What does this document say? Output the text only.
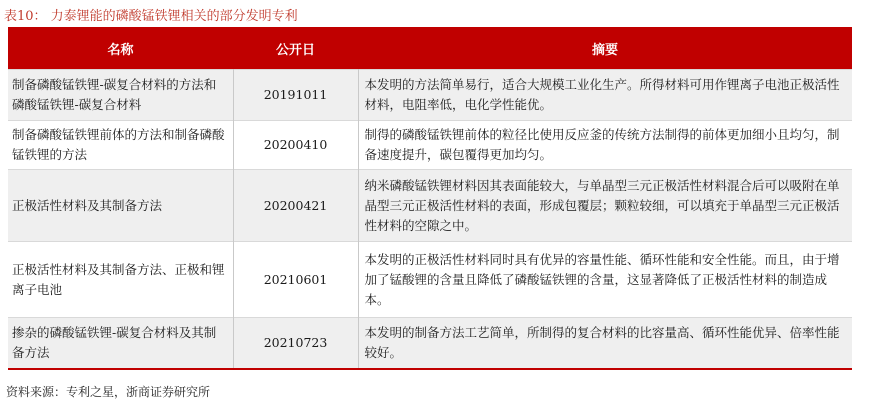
表10： 力泰锂能的磷酸锰铁锂相关的部分发明专利
名称	公开日	摘要
制备磷酸锰铁锂-碳复合材料的方法和磷酸锰铁锂-碳复合材料	20191011	本发明的方法简单易行，适合大规模工业化生产。所得材料可用作锂离子电池正极活性材料，电阻率低，电化学性能优。
制备磷酸锰铁锂前体的方法和制备磷酸锰铁锂的方法	20200410	制得的磷酸锰铁锂前体的粒径比使用反应釜的传统方法制得的前体更加细小且均匀，制备速度提升，碳包覆得更加均匀。
正极活性材料及其制备方法	20200421	纳米磷酸锰铁锂材料因其表面能较大，与单晶型三元正极活性材料混合后可以吸附在单晶型三元正极活性材料的表面，形成包覆层；颗粒较细，可以填充于单晶型三元正极活性材料的空隙之中。
正极活性材料及其制备方法、正极和锂离子电池	20210601	本发明的正极活性材料同时具有优异的容量性能、循环性能和安全性能。而且，由于增加了锰酸锂的含量且降低了磷酸锰铁锂的含量，这显著降低了正极活性材料的制造成本。
掺杂的磷酸锰铁锂-碳复合材料及其制备方法	20210723	本发明的制备方法工艺简单，所制得的复合材料的比容量高、循环性能优异、倍率性能较好。
资料来源：专利之星，浙商证券研究所
